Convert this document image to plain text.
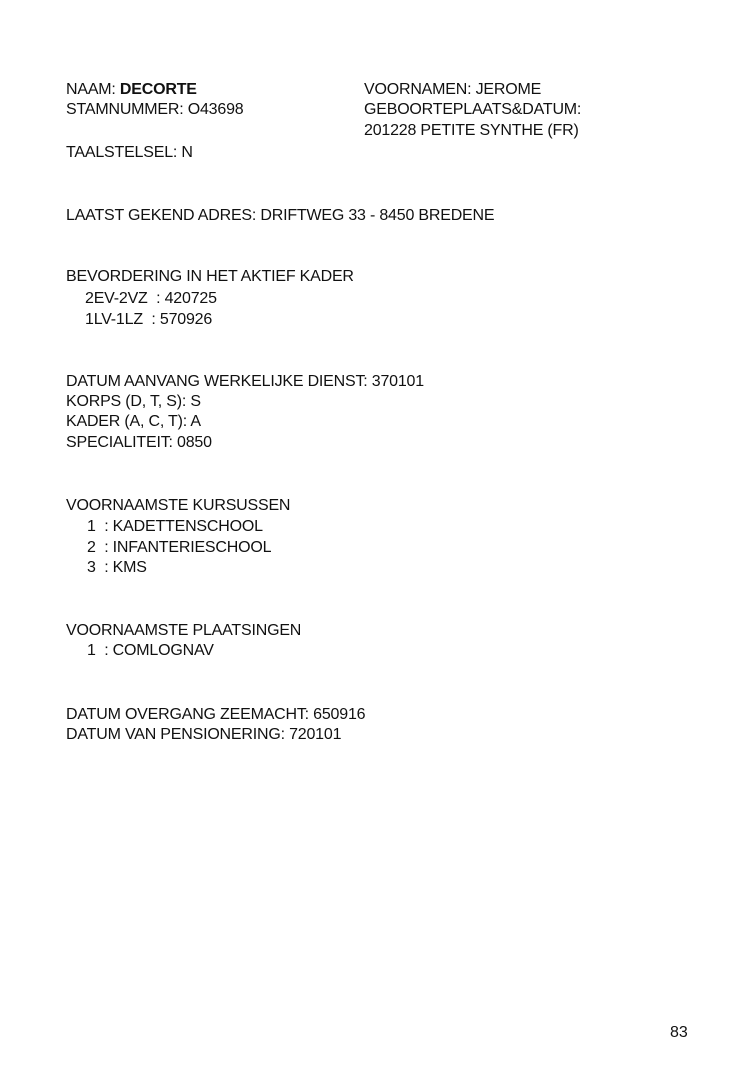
NAAM: DECORTE
STAMNUMMER: O43698
TAALSTELSEL: N
VOORNAMEN: JEROME
GEBOORTEPLAATS&DATUM:
201228 PETITE SYNTHE (FR)
LAATST GEKEND ADRES: DRIFTWEG 33 - 8450 BREDENE
BEVORDERING IN HET AKTIEF KADER
2EV-2VZ  : 420725
1LV-1LZ  : 570926
DATUM AANVANG WERKELIJKE DIENST: 370101
KORPS (D, T, S): S
KADER (A, C, T): A
SPECIALITEIT: 0850
VOORNAAMSTE KURSUSSEN
1  : KADETTENSCHOOL
2  : INFANTERIESCHOOL
3  : KMS
VOORNAAMSTE PLAATSINGEN
1  : COMLOGNAV
DATUM OVERGANG ZEEMACHT: 650916
DATUM VAN PENSIONERING: 720101
83
